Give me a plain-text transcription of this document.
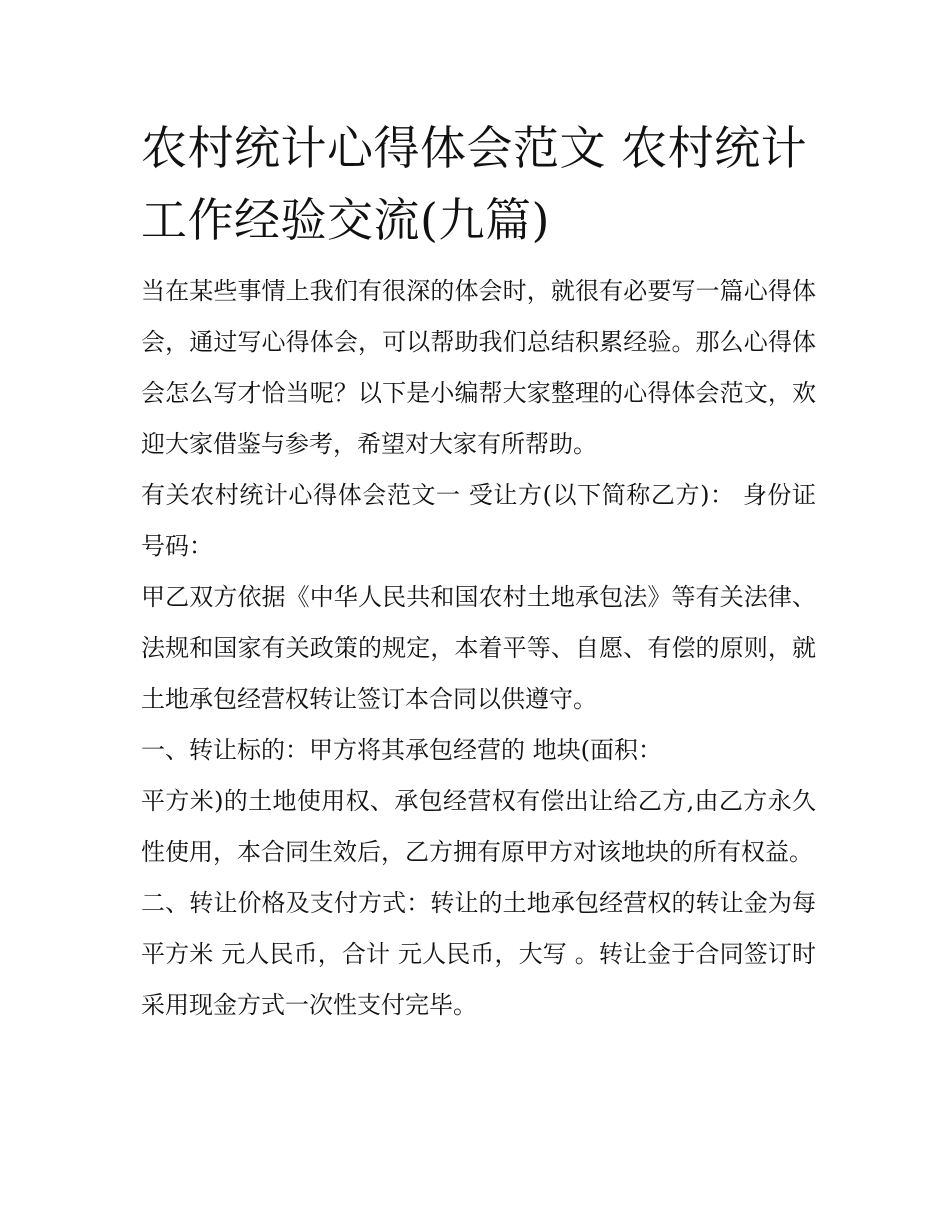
农村统计心得体会范文 农村统计工作经验交流(九篇)

当在某些事情上我们有很深的体会时，就很有必要写一篇心得体会，通过写心得体会，可以帮助我们总结积累经验。那么心得体会怎么写才恰当呢？以下是小编帮大家整理的心得体会范文，欢迎大家借鉴与参考，希望对大家有所帮助。

有关农村统计心得体会范文一 受让方(以下简称乙方)： 身份证号码：

甲乙双方依据《中华人民共和国农村土地承包法》等有关法律、法规和国家有关政策的规定，本着平等、自愿、有偿的原则，就土地承包经营权转让签订本合同以供遵守。

一、转让标的：甲方将其承包经营的 地块(面积：

平方米)的土地使用权、承包经营权有偿出让给乙方,由乙方永久性使用，本合同生效后，乙方拥有原甲方对该地块的所有权益。

二、转让价格及支付方式：转让的土地承包经营权的转让金为每平方米 元人民币，合计 元人民币，大写 。转让金于合同签订时采用现金方式一次性支付完毕。
